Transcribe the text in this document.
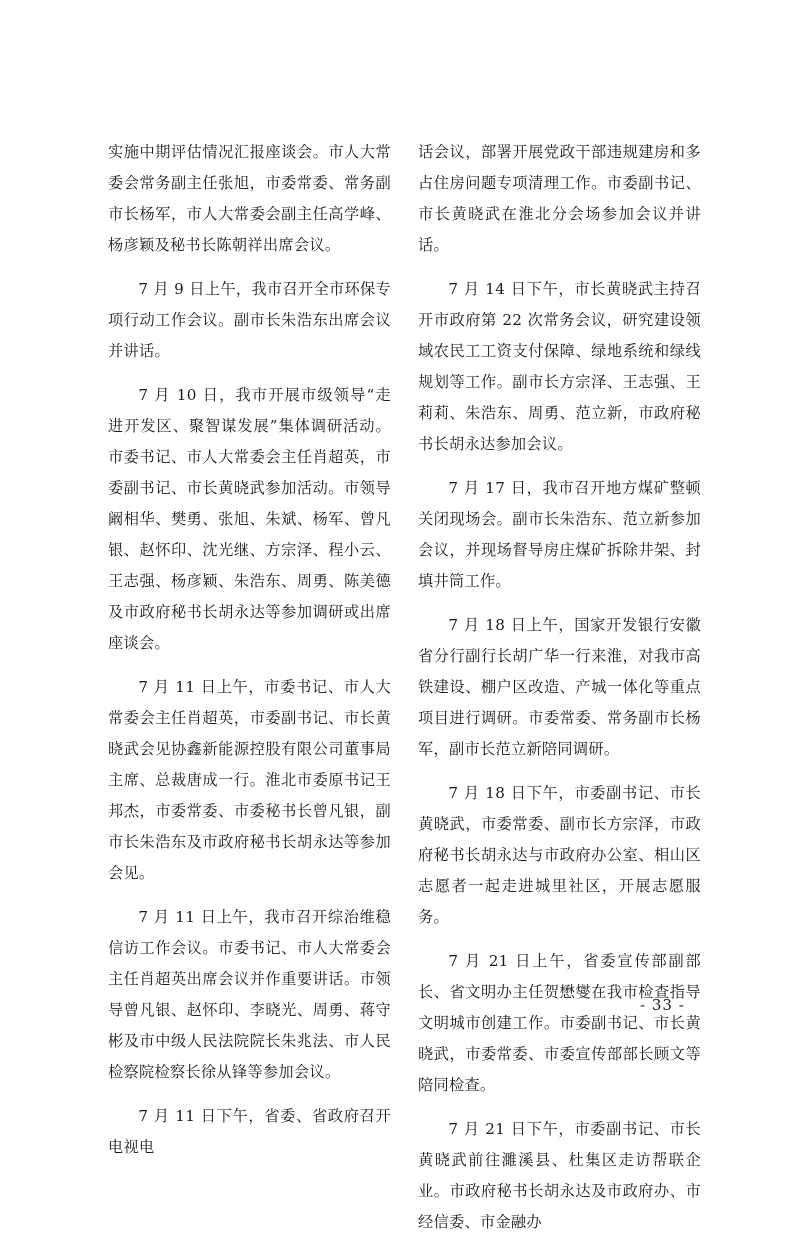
实施中期评估情况汇报座谈会。市人大常委会常务副主任张旭，市委常委、常务副市长杨军，市人大常委会副主任高学峰、杨彦颖及秘书长陈朝祥出席会议。

7 月 9 日上午，我市召开全市环保专项行动工作会议。副市长朱浩东出席会议并讲话。

7 月 10 日，我市开展市级领导“走进开发区、聚智谋发展”集体调研活动。市委书记、市人大常委会主任肖超英，市委副书记、市长黄晓武参加活动。市领导阚相华、樊勇、张旭、朱斌、杨军、曾凡银、赵怀印、沈光继、方宗泽、程小云、王志强、杨彦颖、朱浩东、周勇、陈美德及市政府秘书长胡永达等参加调研或出席座谈会。

7 月 11 日上午，市委书记、市人大常委会主任肖超英，市委副书记、市长黄晓武会见协鑫新能源控股有限公司董事局主席、总裁唐成一行。淮北市委原书记王邦杰，市委常委、市委秘书长曾凡银，副市长朱浩东及市政府秘书长胡永达等参加会见。

7 月 11 日上午，我市召开综治维稳信访工作会议。市委书记、市人大常委会主任肖超英出席会议并作重要讲话。市领导曾凡银、赵怀印、李晓光、周勇、蒋守彬及市中级人民法院院长朱兆法、市人民检察院检察长徐从锋等参加会议。

7 月 11 日下午，省委、省政府召开电视电

话会议，部署开展党政干部违规建房和多占住房问题专项清理工作。市委副书记、市长黄晓武在淮北分会场参加会议并讲话。

7 月 14 日下午，市长黄晓武主持召开市政府第 22 次常务会议，研究建设领域农民工工资支付保障、绿地系统和绿线规划等工作。副市长方宗泽、王志强、王莉莉、朱浩东、周勇、范立新，市政府秘书长胡永达参加会议。

7 月 17 日，我市召开地方煤矿整顿关闭现场会。副市长朱浩东、范立新参加会议，并现场督导房庄煤矿拆除井架、封填井筒工作。

7 月 18 日上午，国家开发银行安徽省分行副行长胡广华一行来淮，对我市高铁建设、棚户区改造、产城一体化等重点项目进行调研。市委常委、常务副市长杨军，副市长范立新陪同调研。

7 月 18 日下午，市委副书记、市长黄晓武，市委常委、副市长方宗泽，市政府秘书长胡永达与市政府办公室、相山区志愿者一起走进城里社区，开展志愿服务。

7 月 21 日上午，省委宣传部副部长、省文明办主任贺懋燮在我市检查指导文明城市创建工作。市委副书记、市长黄晓武，市委常委、市委宣传部部长顾文等陪同检查。

7 月 21 日下午，市委副书记、市长黄晓武前往濉溪县、杜集区走访帮联企业。市政府秘书长胡永达及市政府办、市经信委、市金融办

- 33 -
